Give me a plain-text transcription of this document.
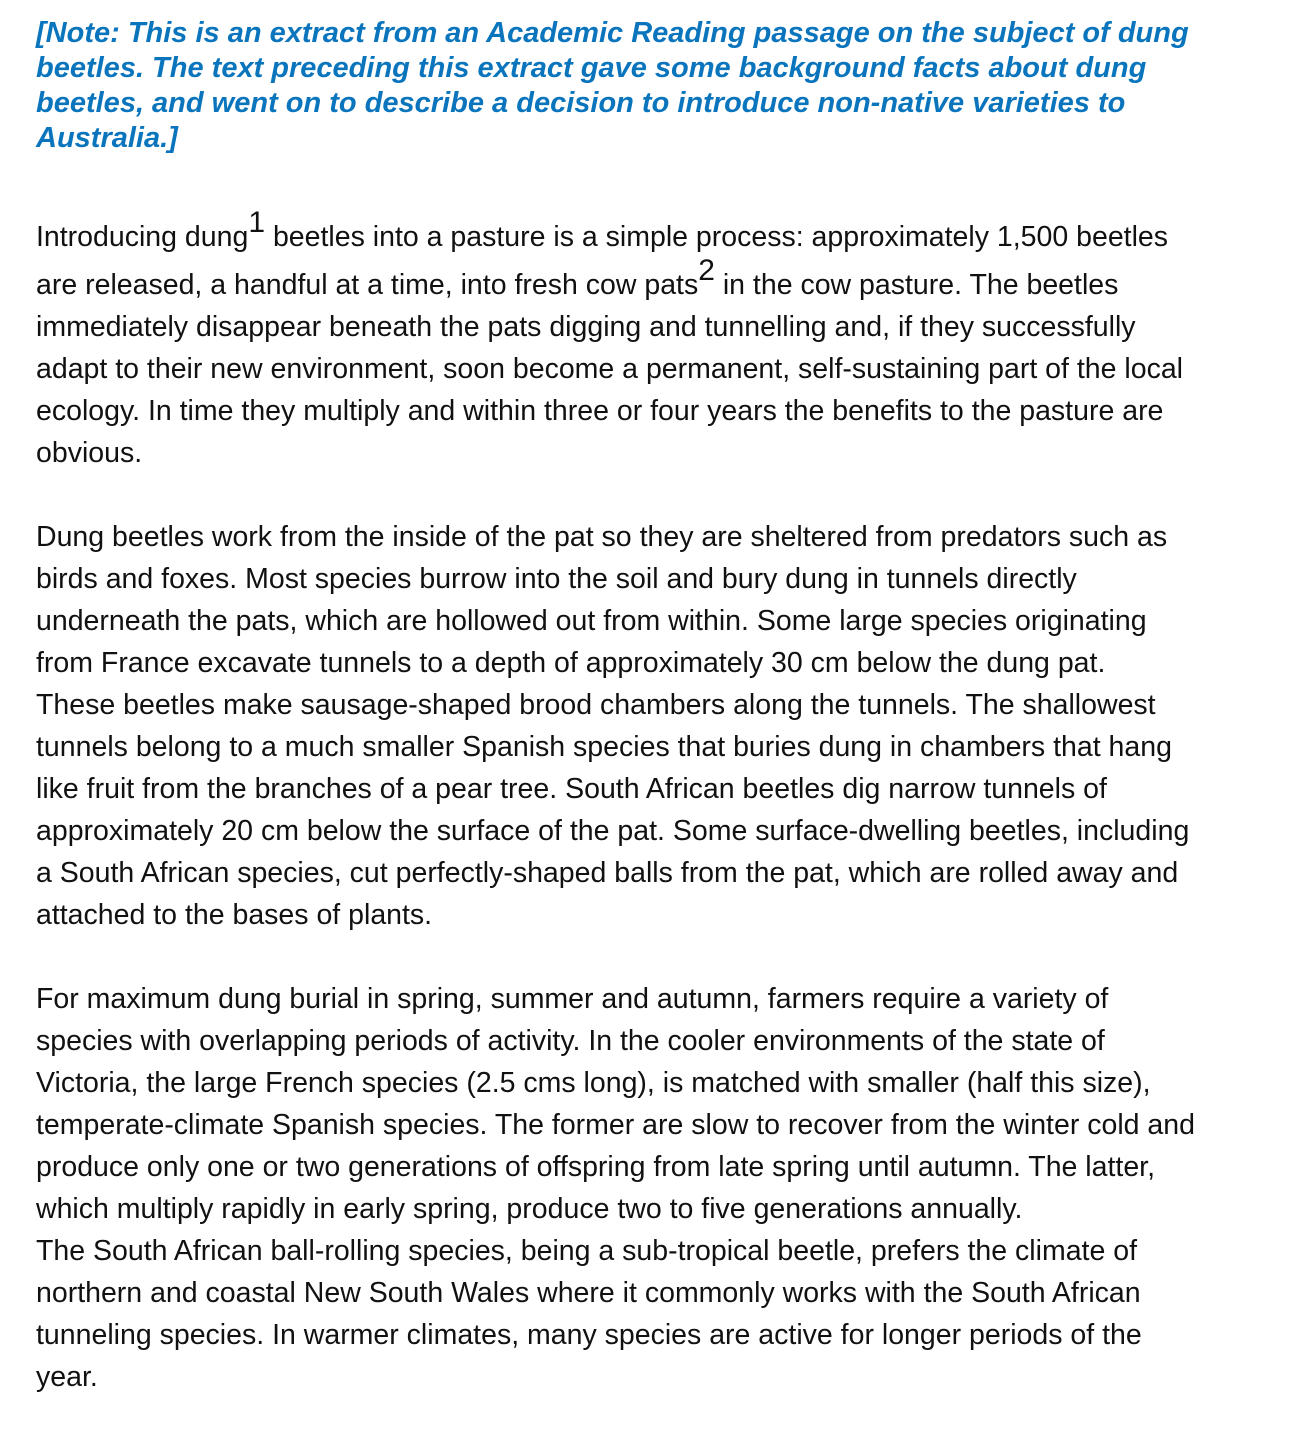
[Note: This is an extract from an Academic Reading passage on the subject of dung
beetles. The text preceding this extract gave some background facts about dung
beetles, and went on to describe a decision to introduce non-native varieties to
Australia.]

Introducing dung1 beetles into a pasture is a simple process: approximately 1,500 beetles
are released, a handful at a time, into fresh cow pats2 in the cow pasture. The beetles
immediately disappear beneath the pats digging and tunnelling and, if they successfully
adapt to their new environment, soon become a permanent, self-sustaining part of the local
ecology. In time they multiply and within three or four years the benefits to the pasture are
obvious.

Dung beetles work from the inside of the pat so they are sheltered from predators such as
birds and foxes. Most species burrow into the soil and bury dung in tunnels directly
underneath the pats, which are hollowed out from within. Some large species originating
from France excavate tunnels to a depth of approximately 30 cm below the dung pat.
These beetles make sausage-shaped brood chambers along the tunnels. The shallowest
tunnels belong to a much smaller Spanish species that buries dung in chambers that hang
like fruit from the branches of a pear tree. South African beetles dig narrow tunnels of
approximately 20 cm below the surface of the pat. Some surface-dwelling beetles, including
a South African species, cut perfectly-shaped balls from the pat, which are rolled away and
attached to the bases of plants.

For maximum dung burial in spring, summer and autumn, farmers require a variety of
species with overlapping periods of activity. In the cooler environments of the state of
Victoria, the large French species (2.5 cms long), is matched with smaller (half this size),
temperate-climate Spanish species. The former are slow to recover from the winter cold and
produce only one or two generations of offspring from late spring until autumn. The latter,
which multiply rapidly in early spring, produce two to five generations annually.

The South African ball-rolling species, being a sub-tropical beetle, prefers the climate of
northern and coastal New South Wales where it commonly works with the South African
tunneling species. In warmer climates, many species are active for longer periods of the
year.
